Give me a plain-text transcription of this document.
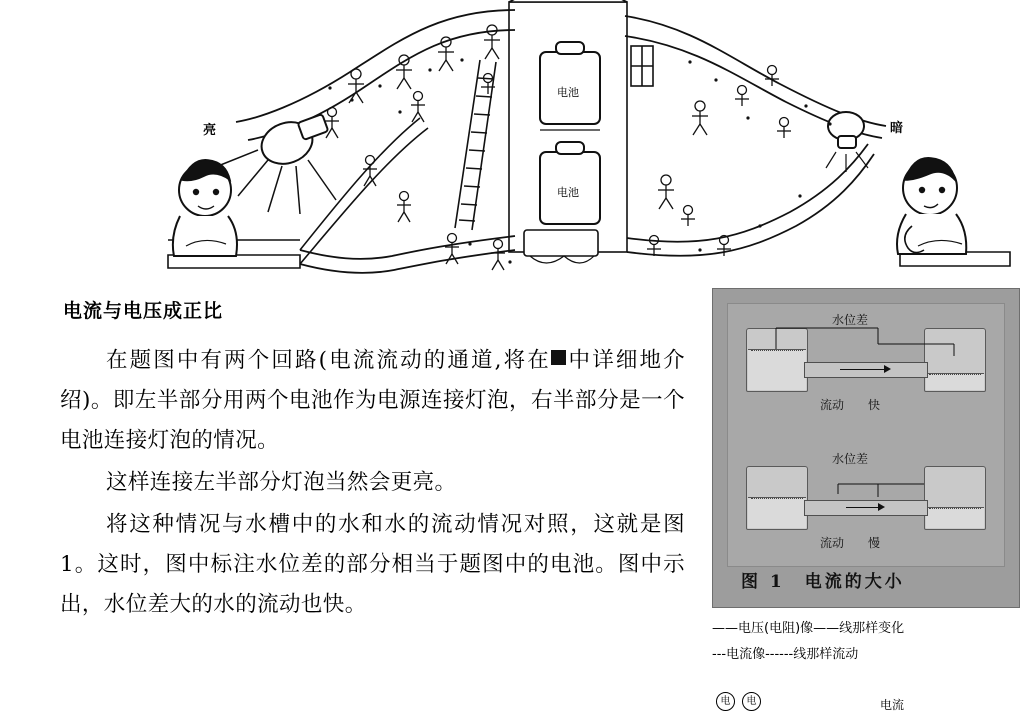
亮	暗
电池
电池
电流与电压成正比

在题图中有两个回路(电流流动的通道,将在 中详细地介绍)。即左半部分用两个电池作为电源连接灯泡，右半部分是一个电池连接灯泡的情况。

这样连接左半部分灯泡当然会更亮。

将这种情况与水槽中的水和水的流动情况对照，这就是图 1。这时，图中标注水位差的部分相当于题图中的电池。图中示出，水位差大的水的流动也快。

水位差
流动 快
水位差
流动 慢
图 1　电流的大小
——电压(电阻)像——线那样变化
---电流像------线那样流动
电	电	电流
